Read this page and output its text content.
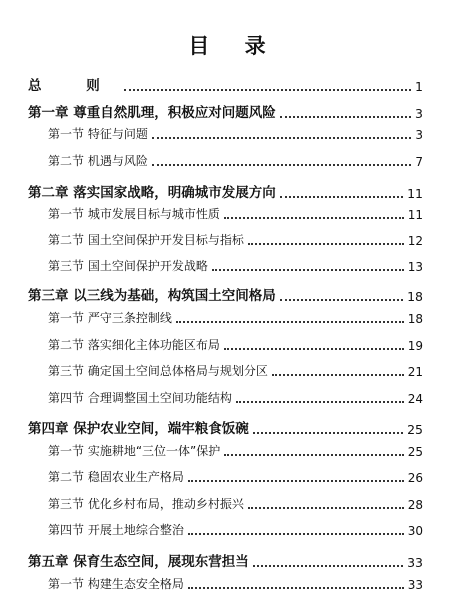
目 录
总 则	1
第一章 尊重自然肌理，积极应对问题风险	3
第一节 特征与问题	3
第二节 机遇与风险	7
第二章 落实国家战略，明确城市发展方向	11
第一节 城市发展目标与城市性质	11
第二节 国土空间保护开发目标与指标	12
第三节 国土空间保护开发战略	13
第三章 以三线为基础，构筑国土空间格局	18
第一节 严守三条控制线	18
第二节 落实细化主体功能区布局	19
第三节 确定国土空间总体格局与规划分区	21
第四节 合理调整国土空间功能结构	24
第四章 保护农业空间，端牢粮食饭碗	25
第一节 实施耕地“三位一体”保护	25
第二节 稳固农业生产格局	26
第三节 优化乡村布局，推动乡村振兴	28
第四节 开展土地综合整治	30
第五章 保育生态空间，展现东营担当	33
第一节 构建生态安全格局	33
